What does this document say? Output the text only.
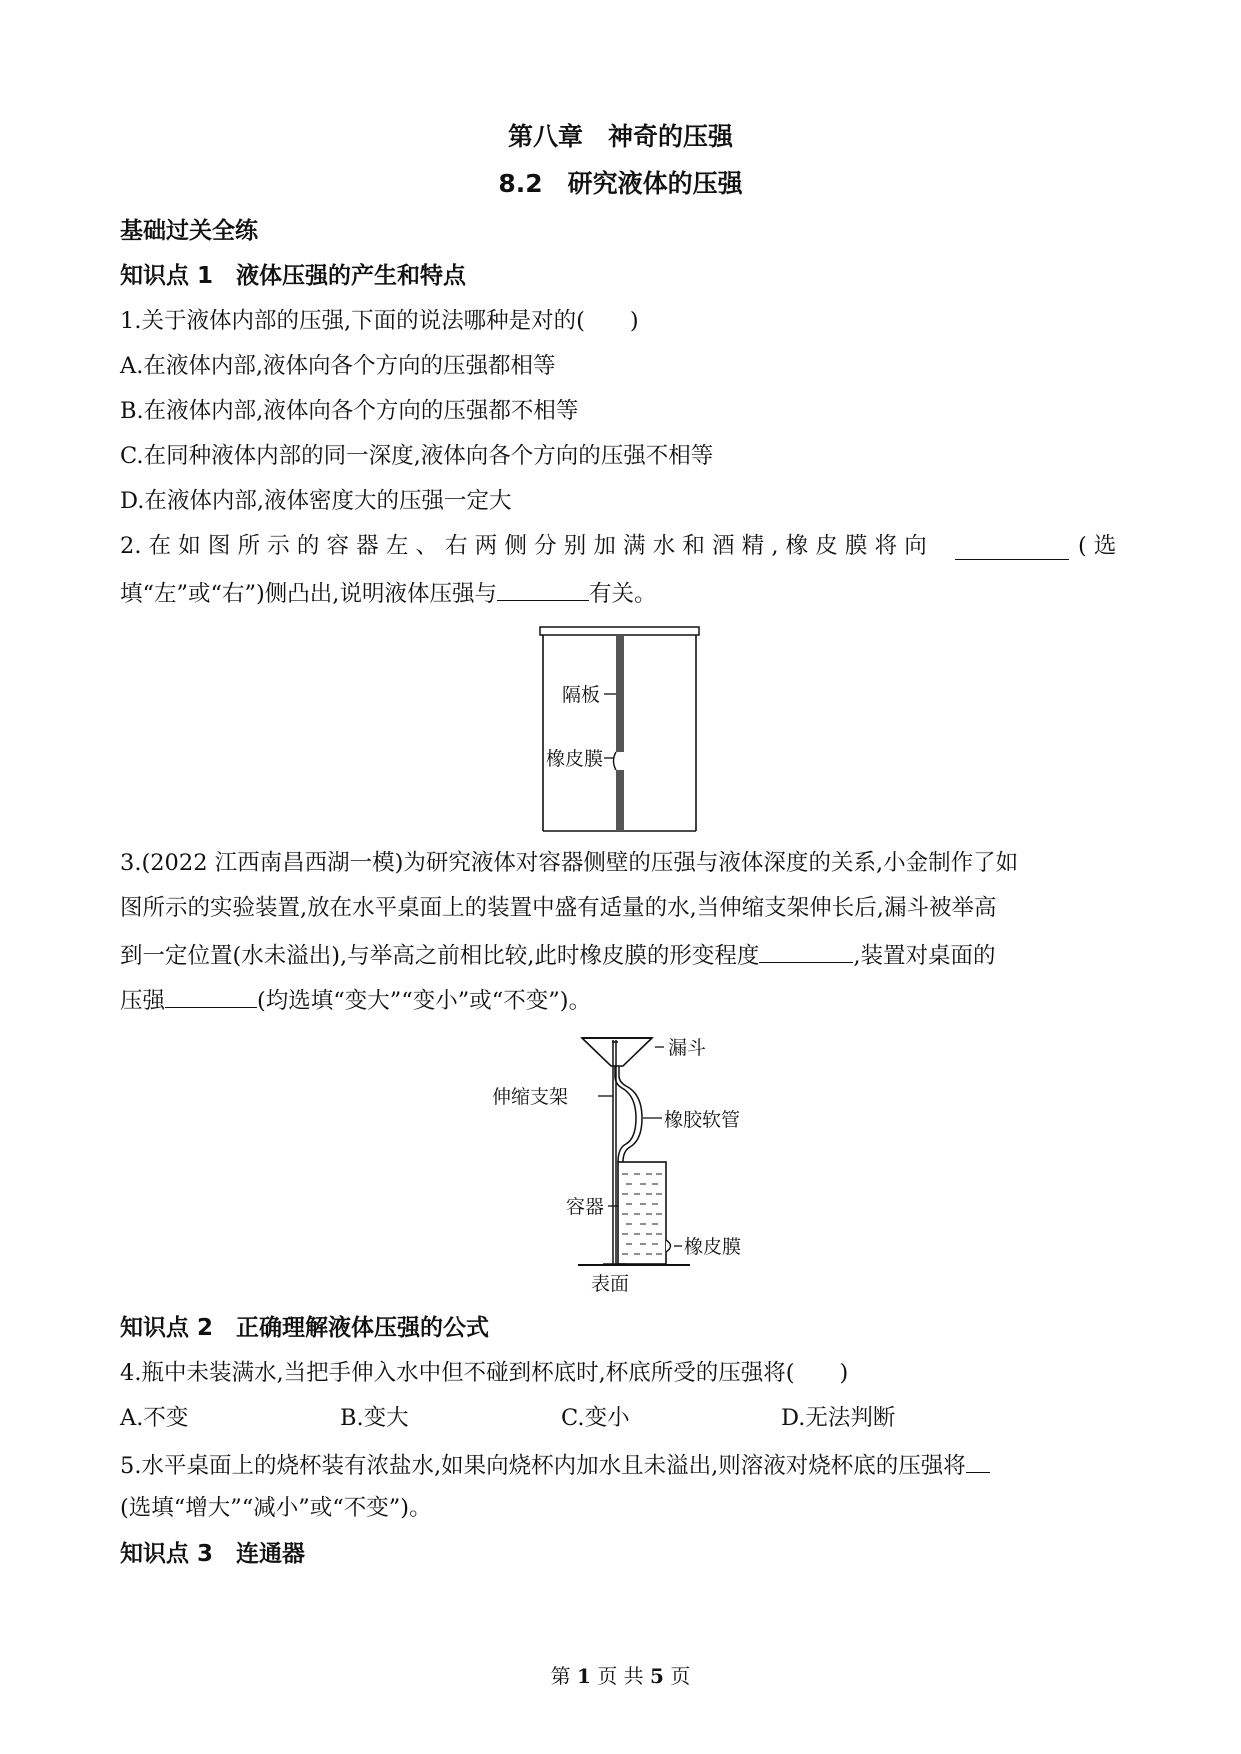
第八章　神奇的压强
8.2　研究液体的压强
基础过关全练
知识点 1　液体压强的产生和特点
1.关于液体内部的压强,下面的说法哪种是对的(　　)
A.在液体内部,液体向各个方向的压强都相等
B.在液体内部,液体向各个方向的压强都不相等
C.在同种液体内部的同一深度,液体向各个方向的压强不相等
D.在液体内部,液体密度大的压强一定大
2. 在 如 图 所 示 的 容 器 左 、 右 两 侧 分 别 加 满 水 和 酒 精 , 橡 皮 膜 将 向	( 选
填“左”或“右”)侧凸出,说明液体压强与	有关。
隔板
橡皮膜
3.(2022 江西南昌西湖一模)为研究液体对容器侧壁的压强与液体深度的关系,小金制作了如
图所示的实验装置,放在水平桌面上的装置中盛有适量的水,当伸缩支架伸长后,漏斗被举高
到一定位置(水未溢出),与举高之前相比较,此时橡皮膜的形变程度	,装置对桌面的
压强	(均选填“变大”“变小”或“不变”)。
漏斗
伸缩支架
橡胶软管
容器
橡皮膜
表面
知识点 2　正确理解液体压强的公式
4.瓶中未装满水,当把手伸入水中但不碰到杯底时,杯底所受的压强将(　　)
A.不变	B.变大	C.变小	D.无法判断
5.水平桌面上的烧杯装有浓盐水,如果向烧杯内加水且未溢出,则溶液对烧杯底的压强将
(选填“增大”“减小”或“不变”)。
知识点 3　连通器
第 1 页 共 5 页
